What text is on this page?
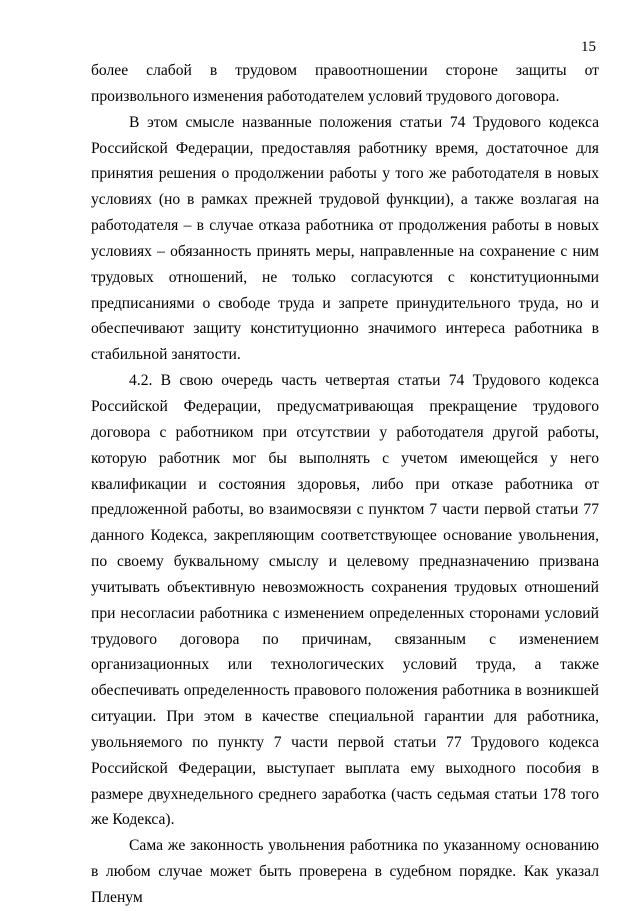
15

более слабой в трудовом правоотношении стороне защиты от произвольного изменения работодателем условий трудового договора.

В этом смысле названные положения статьи 74 Трудового кодекса Российской Федерации, предоставляя работнику время, достаточное для принятия решения о продолжении работы у того же работодателя в новых условиях (но в рамках прежней трудовой функции), а также возлагая на работодателя – в случае отказа работника от продолжения работы в новых условиях – обязанность принять меры, направленные на сохранение с ним трудовых отношений, не только согласуются с конституционными предписаниями о свободе труда и запрете принудительного труда, но и обеспечивают защиту конституционно значимого интереса работника в стабильной занятости.

4.2. В свою очередь часть четвертая статьи 74 Трудового кодекса Российской Федерации, предусматривающая прекращение трудового договора с работником при отсутствии у работодателя другой работы, которую работник мог бы выполнять с учетом имеющейся у него квалификации и состояния здоровья, либо при отказе работника от предложенной работы, во взаимосвязи с пунктом 7 части первой статьи 77 данного Кодекса, закрепляющим соответствующее основание увольнения, по своему буквальному смыслу и целевому предназначению призвана учитывать объективную невозможность сохранения трудовых отношений при несогласии работника с изменением определенных сторонами условий трудового договора по причинам, связанным с изменением организационных или технологических условий труда, а также обеспечивать определенность правового положения работника в возникшей ситуации. При этом в качестве специальной гарантии для работника, увольняемого по пункту 7 части первой статьи 77 Трудового кодекса Российской Федерации, выступает выплата ему выходного пособия в размере двухнедельного среднего заработка (часть седьмая статьи 178 того же Кодекса).

Сама же законность увольнения работника по указанному основанию в любом случае может быть проверена в судебном порядке. Как указал Пленум
